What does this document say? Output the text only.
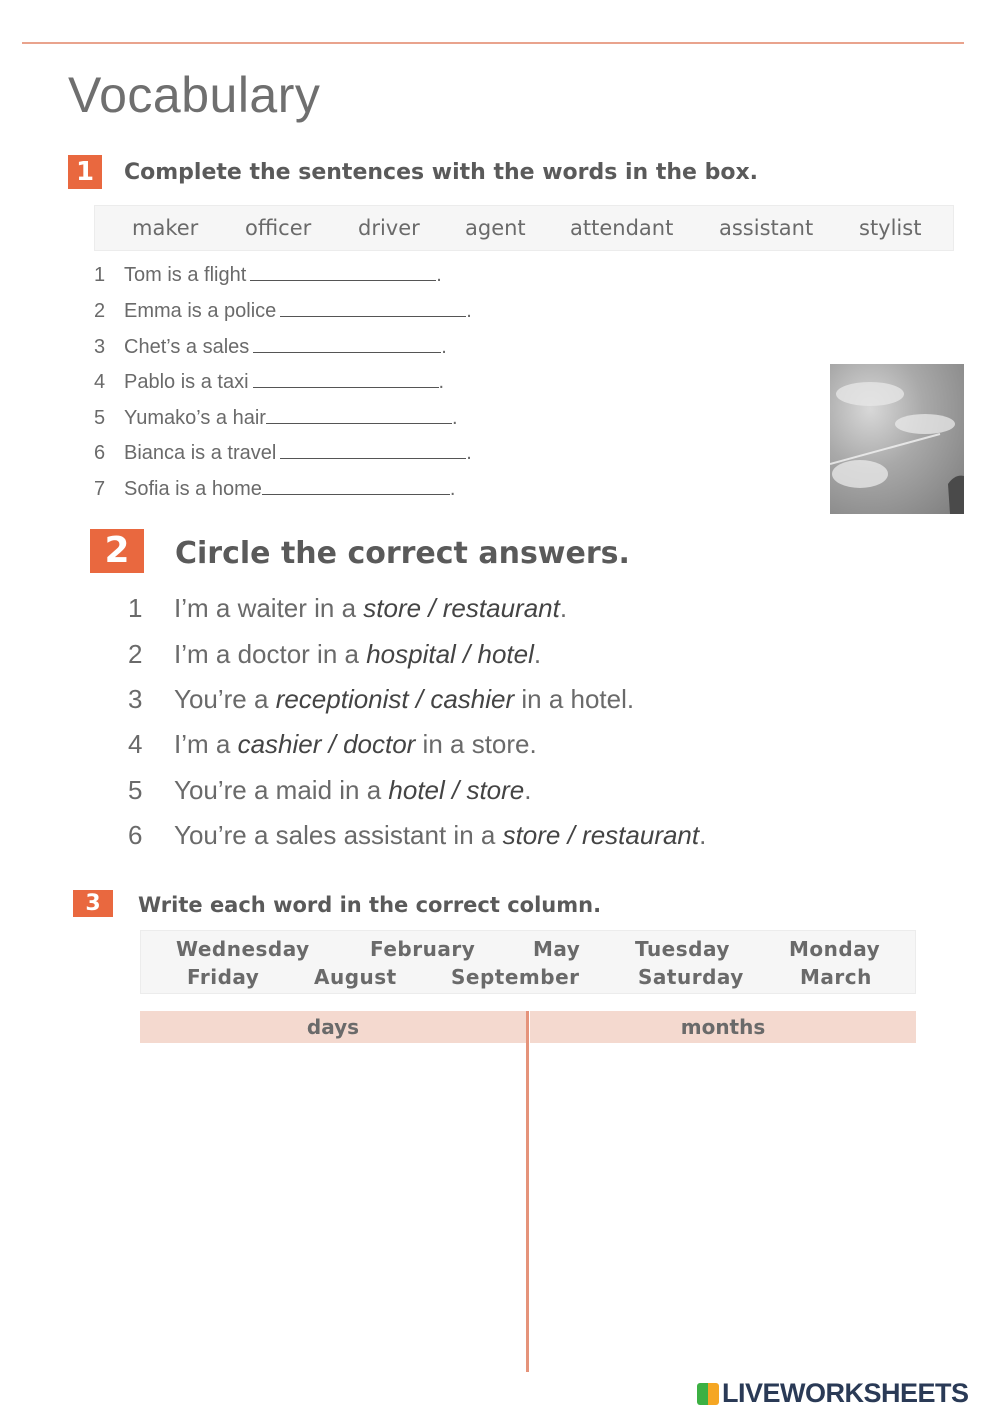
Vocabulary
1	Complete the sentences with the words in the box.
maker officer driver agent attendant assistant stylist
1 Tom is a flight	.
2 Emma is a police	.
3 Chet’s a sales	.
4 Pablo is a taxi	.
5 Yumako’s a hair	.
6 Bianca is a travel	.
7 Sofia is a home	.
2	Circle the correct answers.
1 I’m a waiter in a store / restaurant.
2 I’m a doctor in a hospital / hotel.
3 You’re a receptionist / cashier in a hotel.
4 I’m a cashier / doctor in a store.
5 You’re a maid in a hotel / store.
6 You’re a sales assistant in a store / restaurant.
3	Write each word in the correct column.
Wednesday	February	May	Tuesday	Monday
Friday	August	September	Saturday	March
days	months
LIVEWORKSHEETS
